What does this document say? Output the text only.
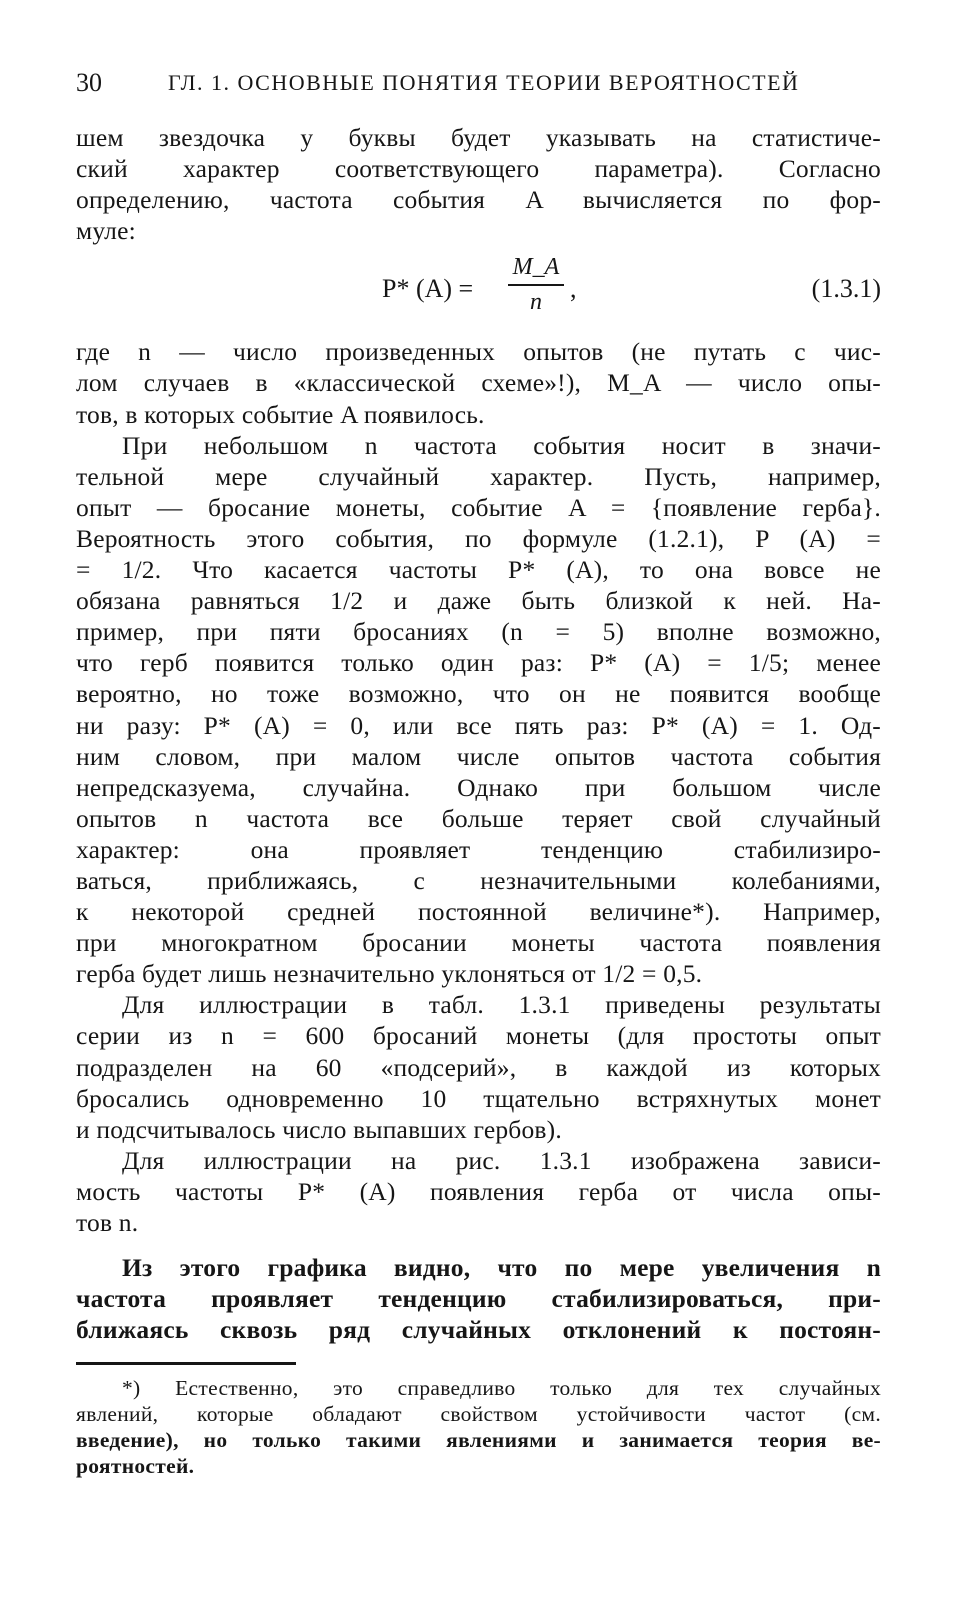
30	ГЛ. 1. ОСНОВНЫЕ ПОНЯТИЯ ТЕОРИИ ВЕРОЯТНОСТЕЙ
шем звездочка у буквы будет указывать на статистиче-
ский характер соответствующего параметра). Согласно
определению, частота события A вычисляется по фор-
муле:
P* (A) =
M_A
n	,	(1.3.1)
где n — число произведенных опытов (не путать с чис-
лом случаев в «классической схеме»!), M_A — число опы-
тов, в которых событие A появилось.
При небольшом n частота события носит в значи-
тельной мере случайный характер. Пусть, например,
опыт — бросание монеты, событие A = {появление герба}.
Вероятность этого события, по формуле (1.2.1), P (A) =
= 1/2. Что касается частоты P* (A), то она вовсе не
обязана равняться 1/2 и даже быть близкой к ней. На-
пример, при пяти бросаниях (n = 5) вполне возможно,
что герб появится только один раз: P* (A) = 1/5; менее
вероятно, но тоже возможно, что он не появится вообще
ни разу: P* (A) = 0, или все пять раз: P* (A) = 1. Од-
ним словом, при малом числе опытов частота события
непредсказуема, случайна. Однако при большом числе
опытов n частота все больше теряет свой случайный
характер: она проявляет тенденцию стабилизиро-
ваться, приближаясь, с незначительными колебаниями,
к некоторой средней постоянной величине*). Например,
при многократном бросании монеты частота появления
герба будет лишь незначительно уклоняться от 1/2 = 0,5.
Для иллюстрации в табл. 1.3.1 приведены результаты
серии из n = 600 бросаний монеты (для простоты опыт
подразделен на 60 «подсерий», в каждой из которых
бросались одновременно 10 тщательно встряхнутых монет
и подсчитывалось число выпавших гербов).
Для иллюстрации на рис. 1.3.1 изображена зависи-
мость частоты P* (A) появления герба от числа опы-
тов n.
Из этого графика видно, что по мере увеличения n
частота проявляет тенденцию стабилизироваться, при-
ближаясь сквозь ряд случайных отклонений к постоян-
*) Естественно, это справедливо только для тех случайных
явлений, которые обладают свойством устойчивости частот (см.
введение), но только такими явлениями и занимается теория ве-
роятностей.
